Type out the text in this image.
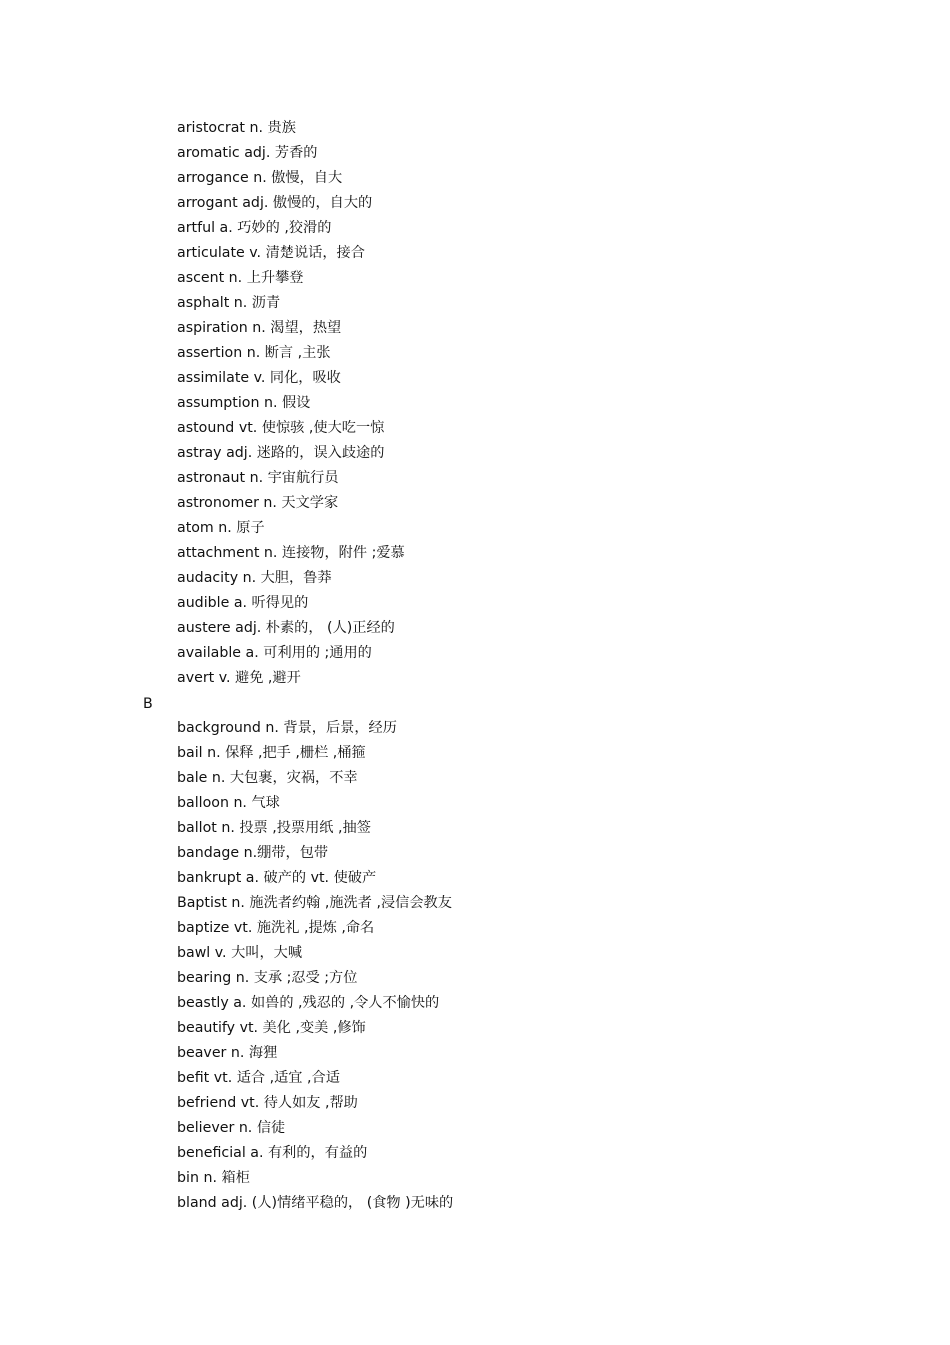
aristocrat n. 贵族
aromatic adj. 芳香的
arrogance n. 傲慢，自大
arrogant adj. 傲慢的，自大的
artful a. 巧妙的 ,狡滑的
articulate v. 清楚说话，接合
ascent n. 上升攀登
asphalt n. 沥青
aspiration n. 渴望，热望
assertion n. 断言 ,主张
assimilate v. 同化，吸收
assumption n. 假设
astound vt. 使惊骇 ,使大吃一惊
astray adj. 迷路的，误入歧途的
astronaut n. 宇宙航行员
astronomer n. 天文学家
atom n. 原子
attachment n. 连接物，附件 ;爱慕
audacity n. 大胆，鲁莽
audible a. 听得见的
austere adj. 朴素的， (人)正经的
available a. 可利用的 ;通用的
avert v. 避免 ,避开
B
background n. 背景，后景，经历
bail n. 保释 ,把手 ,栅栏 ,桶箍
bale n. 大包裹，灾祸，不幸
balloon n. 气球
ballot n. 投票 ,投票用纸 ,抽签
bandage n.绷带，包带
bankrupt a. 破产的 vt. 使破产
Baptist n. 施洗者约翰 ,施洗者 ,浸信会教友
baptize vt. 施洗礼 ,提炼 ,命名
bawl v. 大叫，大喊
bearing n. 支承 ;忍受 ;方位
beastly a. 如兽的 ,残忍的 ,令人不愉快的
beautify vt. 美化 ,变美 ,修饰
beaver n. 海狸
befit vt. 适合 ,适宜 ,合适
befriend vt. 待人如友 ,帮助
believer n. 信徒
beneficial a. 有利的，有益的
bin n. 箱柜
bland adj. (人)情绪平稳的， (食物 )无味的
